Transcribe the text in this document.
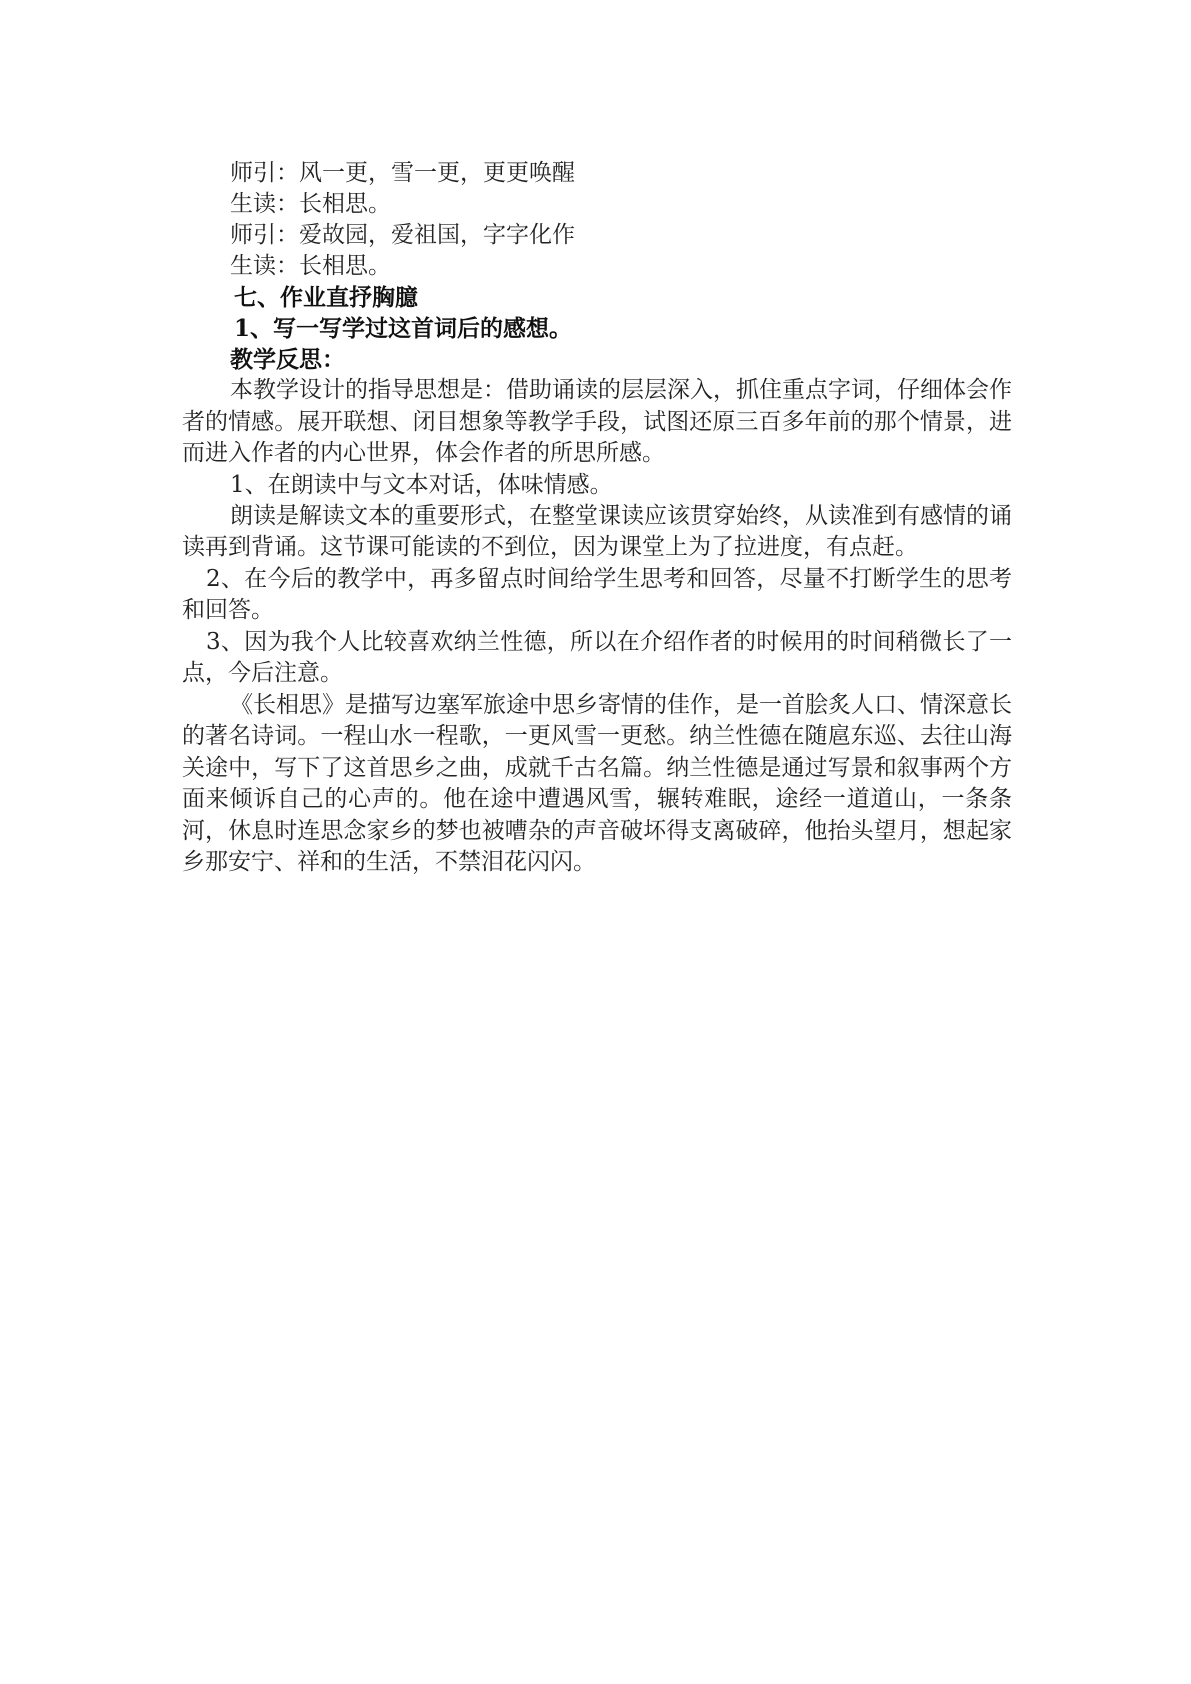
师引：风一更，雪一更，更更唤醒
生读：长相思。
师引：爱故园，爱祖国，字字化作
生读：长相思。
七、作业直抒胸臆
1、写一写学过这首词后的感想。
教学反思：
本教学设计的指导思想是：借助诵读的层层深入，抓住重点字词，仔细体会作者的情感。展开联想、闭目想象等教学手段，试图还原三百多年前的那个情景，进而进入作者的内心世界，体会作者的所思所感。
1、在朗读中与文本对话，体味情感。
朗读是解读文本的重要形式，在整堂课读应该贯穿始终，从读准到有感情的诵读再到背诵。这节课可能读的不到位，因为课堂上为了拉进度，有点赶。
2、在今后的教学中，再多留点时间给学生思考和回答，尽量不打断学生的思考和回答。
3、因为我个人比较喜欢纳兰性德，所以在介绍作者的时候用的时间稍微长了一点，今后注意。
《长相思》是描写边塞军旅途中思乡寄情的佳作，是一首脍炙人口、情深意长的著名诗词。一程山水一程歌，一更风雪一更愁。纳兰性德在随扈东巡、去往山海关途中，写下了这首思乡之曲，成就千古名篇。纳兰性德是通过写景和叙事两个方面来倾诉自己的心声的。他在途中遭遇风雪，辗转难眠，途经一道道山，一条条河，休息时连思念家乡的梦也被嘈杂的声音破坏得支离破碎，他抬头望月，想起家乡那安宁、祥和的生活，不禁泪花闪闪。
